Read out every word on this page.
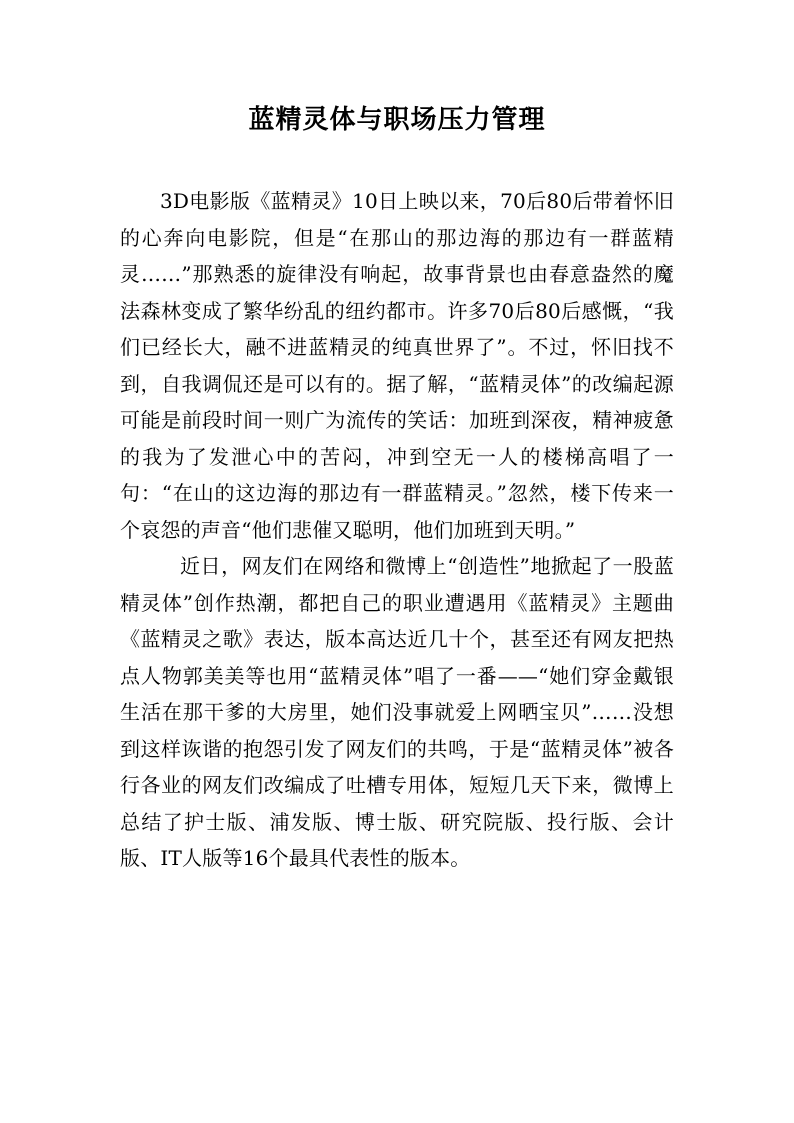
蓝精灵体与职场压力管理

3D电影版《蓝精灵》10日上映以来，70后80后带着怀旧的心奔向电影院，但是“在那山的那边海的那边有一群蓝精灵……”那熟悉的旋律没有响起，故事背景也由春意盎然的魔法森林变成了繁华纷乱的纽约都市。许多70后80后感慨，“我们已经长大，融不进蓝精灵的纯真世界了”。不过，怀旧找不到，自我调侃还是可以有的。据了解，“蓝精灵体”的改编起源可能是前段时间一则广为流传的笑话：加班到深夜，精神疲惫的我为了发泄心中的苦闷，冲到空无一人的楼梯高唱了一句：“在山的这边海的那边有一群蓝精灵。”忽然，楼下传来一个哀怨的声音“他们悲催又聪明，他们加班到天明。”

近日，网友们在网络和微博上“创造性”地掀起了一股蓝精灵体”创作热潮，都把自己的职业遭遇用《蓝精灵》主题曲《蓝精灵之歌》表达，版本高达近几十个，甚至还有网友把热点人物郭美美等也用“蓝精灵体”唱了一番——“她们穿金戴银生活在那干爹的大房里，她们没事就爱上网晒宝贝”……没想到这样诙谐的抱怨引发了网友们的共鸣，于是“蓝精灵体”被各行各业的网友们改编成了吐槽专用体，短短几天下来，微博上总结了护士版、浦发版、博士版、研究院版、投行版、会计版、IT人版等16个最具代表性的版本。
